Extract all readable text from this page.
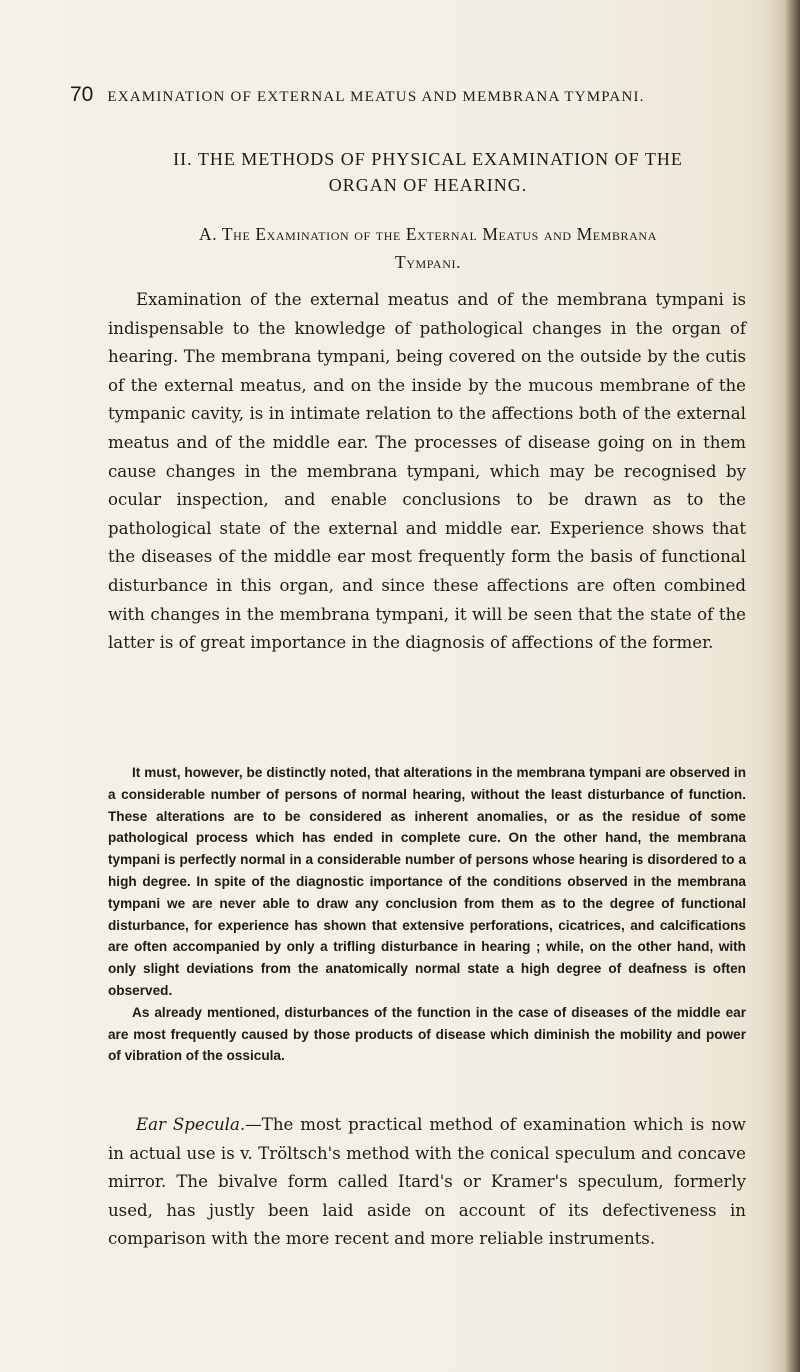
70 EXAMINATION OF EXTERNAL MEATUS AND MEMBRANA TYMPANI.
II. THE METHODS OF PHYSICAL EXAMINATION OF THE
ORGAN OF HEARING.
A. The Examination of the External Meatus and Membrana
Tympani.

Examination of the external meatus and of the membrana tympani is indispensable to the knowledge of pathological changes in the organ of hearing. The membrana tympani, being covered on the outside by the cutis of the external meatus, and on the inside by the mucous membrane of the tympanic cavity, is in intimate relation to the affections both of the external meatus and of the middle ear. The processes of disease going on in them cause changes in the membrana tympani, which may be recognised by ocular inspection, and enable conclusions to be drawn as to the pathological state of the external and middle ear. Experience shows that the diseases of the middle ear most frequently form the basis of functional disturbance in this organ, and since these affections are often combined with changes in the membrana tympani, it will be seen that the state of the latter is of great importance in the diagnosis of affections of the former.

It must, however, be distinctly noted, that alterations in the membrana tympani are observed in a considerable number of persons of normal hearing, without the least disturbance of function. These alterations are to be considered as inherent anomalies, or as the residue of some pathological process which has ended in complete cure. On the other hand, the membrana tympani is perfectly normal in a considerable number of persons whose hearing is disordered to a high degree. In spite of the diagnostic importance of the conditions observed in the membrana tympani we are never able to draw any conclusion from them as to the degree of functional disturbance, for experience has shown that extensive perforations, cicatrices, and calcifications are often accompanied by only a trifling disturbance in hearing ; while, on the other hand, with only slight deviations from the anatomically normal state a high degree of deafness is often observed.

As already mentioned, disturbances of the function in the case of diseases of the middle ear are most frequently caused by those products of disease which diminish the mobility and power of vibration of the ossicula.

Ear Specula.—The most practical method of examination which is now in actual use is v. Tröltsch's method with the conical speculum and concave mirror. The bivalve form called Itard's or Kramer's speculum, formerly used, has justly been laid aside on account of its defectiveness in comparison with the more recent and more reliable instruments.
